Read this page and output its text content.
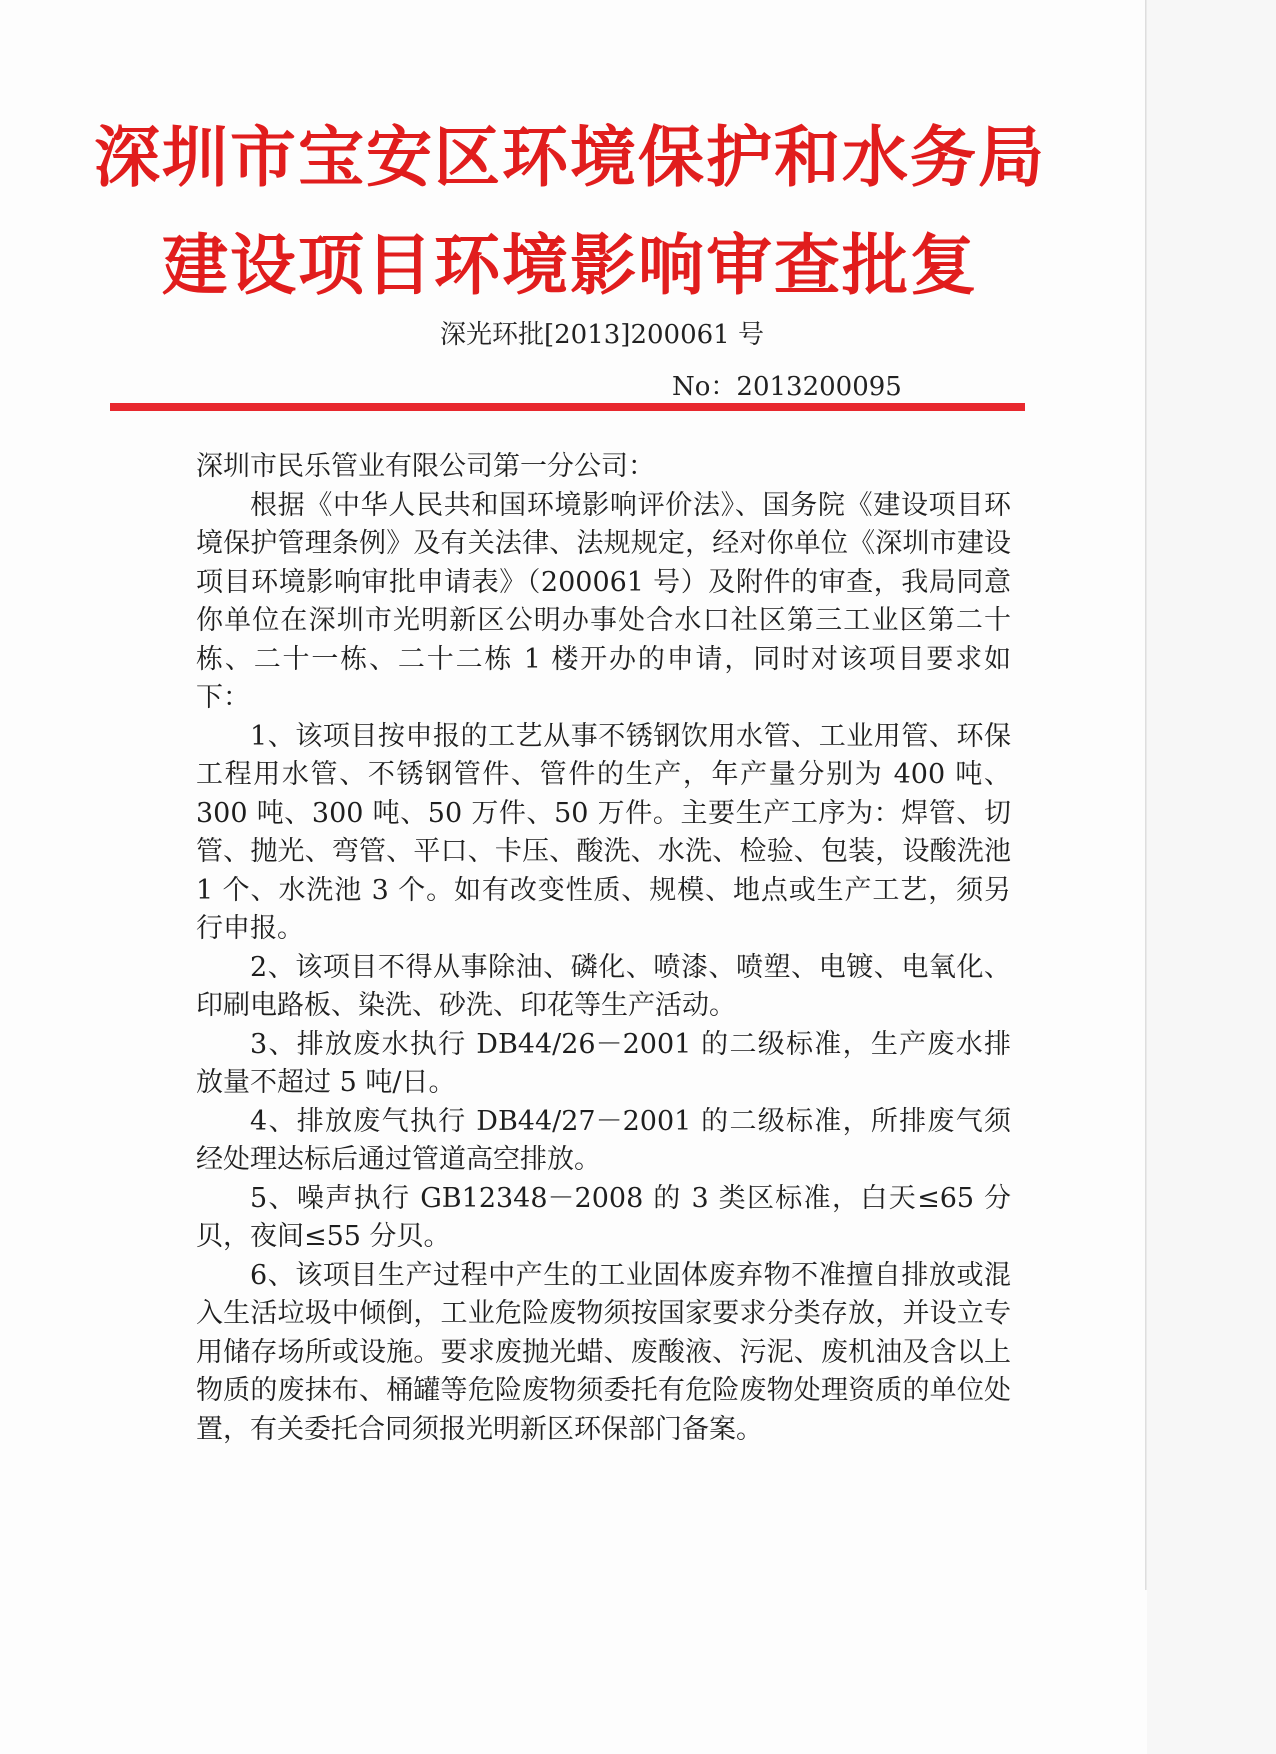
深圳市宝安区环境保护和水务局
建设项目环境影响审查批复
深光环批[2013]200061 号
No：2013200095

深圳市民乐管业有限公司第一分公司：

根据《中华人民共和国环境影响评价法》、国务院《建设项目环境保护管理条例》及有关法律、法规规定，经对你单位《深圳市建设项目环境影响审批申请表》（200061 号）及附件的审查，我局同意你单位在深圳市光明新区公明办事处合水口社区第三工业区第二十栋、二十一栋、二十二栋 1 楼开办的申请，同时对该项目要求如下：

1、该项目按申报的工艺从事不锈钢饮用水管、工业用管、环保工程用水管、不锈钢管件、管件的生产，年产量分别为 400 吨、300 吨、300 吨、50 万件、50 万件。主要生产工序为：焊管、切管、抛光、弯管、平口、卡压、酸洗、水洗、检验、包装，设酸洗池 1 个、水洗池 3 个。如有改变性质、规模、地点或生产工艺，须另行申报。

2、该项目不得从事除油、磷化、喷漆、喷塑、电镀、电氧化、印刷电路板、染洗、砂洗、印花等生产活动。

3、排放废水执行 DB44/26－2001 的二级标准，生产废水排放量不超过 5 吨/日。

4、排放废气执行 DB44/27－2001 的二级标准，所排废气须经处理达标后通过管道高空排放。

5、噪声执行 GB12348－2008 的 3 类区标准，白天≤65 分贝，夜间≤55 分贝。

6、该项目生产过程中产生的工业固体废弃物不准擅自排放或混入生活垃圾中倾倒，工业危险废物须按国家要求分类存放，并设立专用储存场所或设施。要求废抛光蜡、废酸液、污泥、废机油及含以上物质的废抹布、桶罐等危险废物须委托有危险废物处理资质的单位处置，有关委托合同须报光明新区环保部门备案。
